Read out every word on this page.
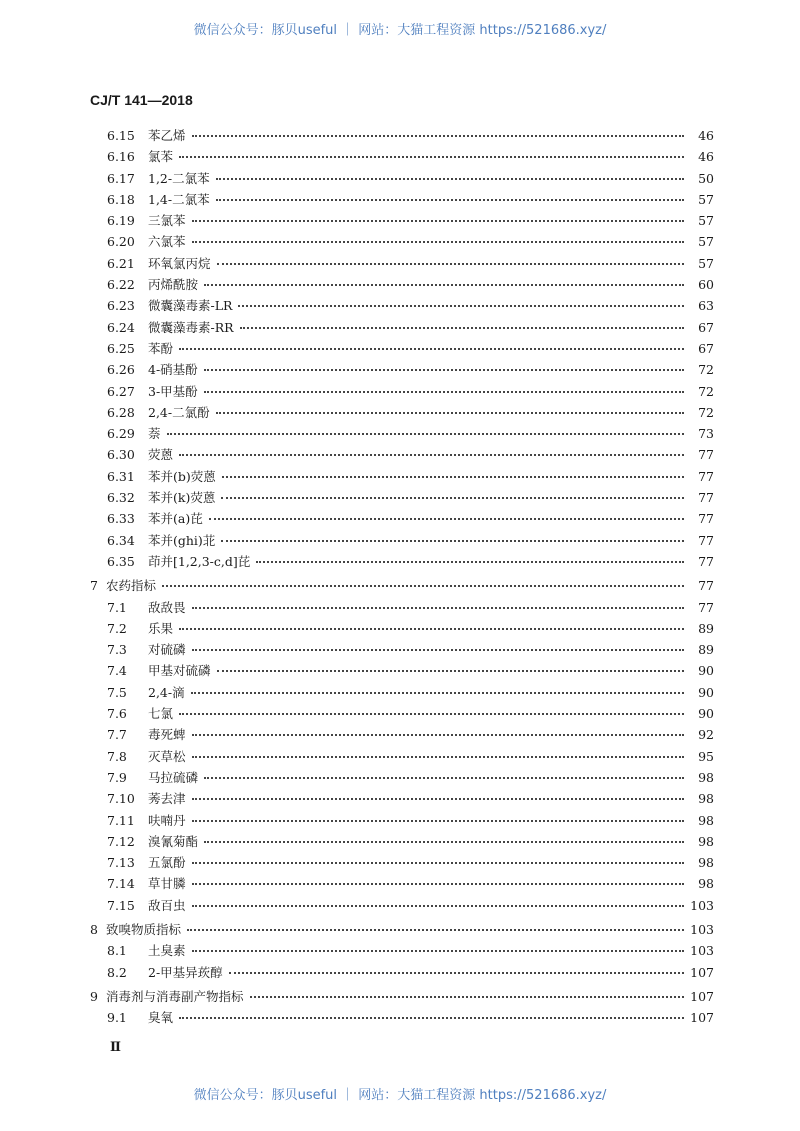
微信公众号：豚贝useful ｜ 网站：大猫工程资源 https://521686.xyz/
CJ/T 141—2018
6.15	苯乙烯	46
6.16	氯苯	46
6.17	1,2-二氯苯	50
6.18	1,4-二氯苯	57
6.19	三氯苯	57
6.20	六氯苯	57
6.21	环氧氯丙烷	57
6.22	丙烯酰胺	60
6.23	微囊藻毒素-LR	63
6.24	微囊藻毒素-RR	67
6.25	苯酚	67
6.26	4-硝基酚	72
6.27	3-甲基酚	72
6.28	2,4-二氯酚	72
6.29	萘	73
6.30	荧蒽	77
6.31	苯并(b)荧蒽	77
6.32	苯并(k)荧蒽	77
6.33	苯并(a)芘	77
6.34	苯并(ghi)苝	77
6.35	茚并[1,2,3-c,d]芘	77
7 农药指标	77
7.1	敌敌畏	77
7.2	乐果	89
7.3	对硫磷	89
7.4	甲基对硫磷	90
7.5	2,4-滴	90
7.6	七氯	90
7.7	毒死蜱	92
7.8	灭草松	95
7.9	马拉硫磷	98
7.10	莠去津	98
7.11	呋喃丹	98
7.12	溴氰菊酯	98
7.13	五氯酚	98
7.14	草甘膦	98
7.15	敌百虫	103
8 致嗅物质指标	103
8.1	土臭素	103
8.2	2-甲基异莰醇	107
9 消毒剂与消毒副产物指标	107
9.1	臭氧	107
Ⅱ
微信公众号：豚贝useful ｜ 网站：大猫工程资源 https://521686.xyz/
